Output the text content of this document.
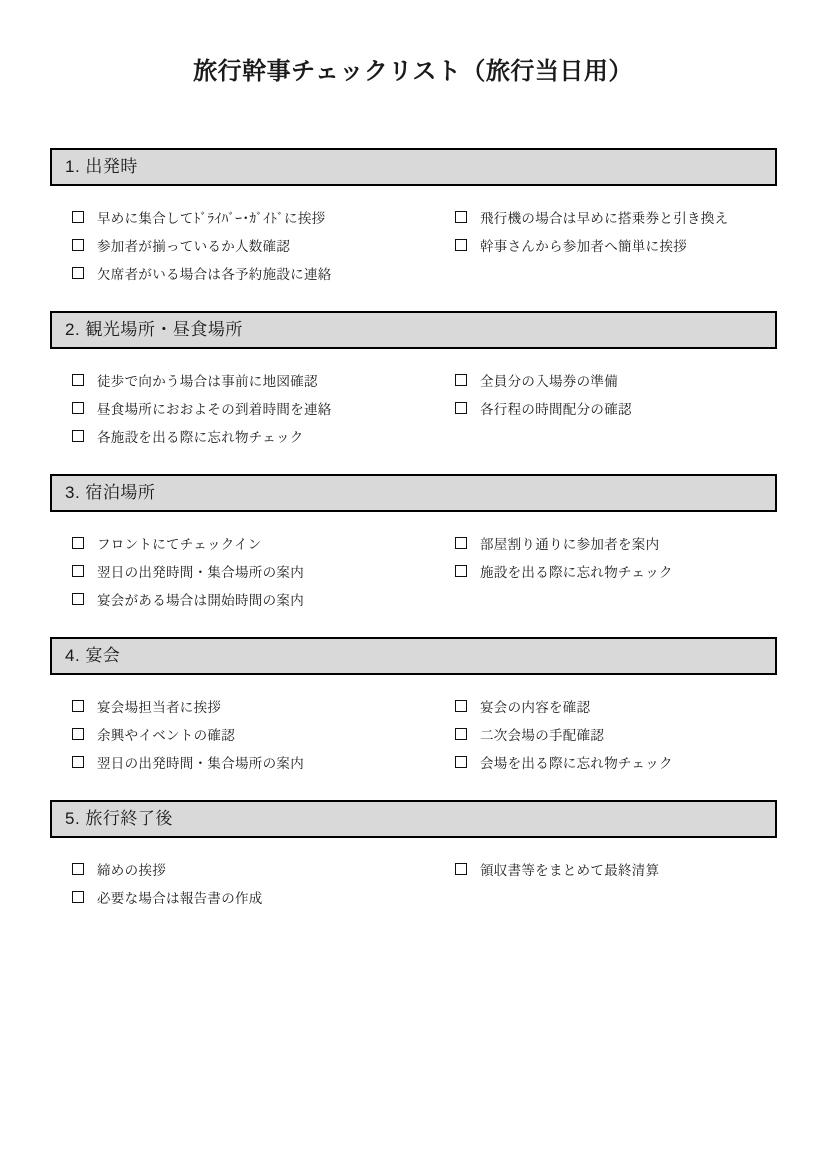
旅行幹事チェックリスト（旅行当日用）
1. 出発時
早めに集合してﾄﾞﾗｲﾊﾞｰ･ｶﾞｲﾄﾞに挨拶
参加者が揃っているか人数確認
欠席者がいる場合は各予約施設に連絡
飛行機の場合は早めに搭乗券と引き換え
幹事さんから参加者へ簡単に挨拶
2. 観光場所・昼食場所
徒歩で向かう場合は事前に地図確認
昼食場所におおよその到着時間を連絡
各施設を出る際に忘れ物チェック
全員分の入場券の準備
各行程の時間配分の確認
3. 宿泊場所
フロントにてチェックイン
翌日の出発時間・集合場所の案内
宴会がある場合は開始時間の案内
部屋割り通りに参加者を案内
施設を出る際に忘れ物チェック
4. 宴会
宴会場担当者に挨拶
余興やイベントの確認
翌日の出発時間・集合場所の案内
宴会の内容を確認
二次会場の手配確認
会場を出る際に忘れ物チェック
5. 旅行終了後
締めの挨拶
必要な場合は報告書の作成
領収書等をまとめて最終清算
